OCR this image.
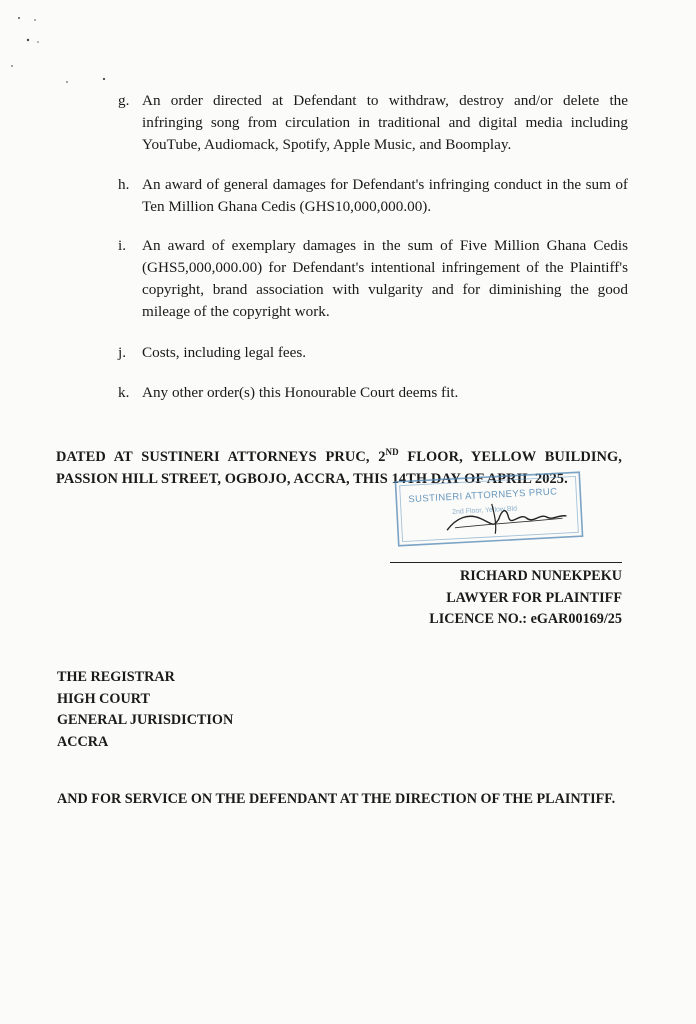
g. An order directed at Defendant to withdraw, destroy and/or delete the infringing song from circulation in traditional and digital media including YouTube, Audiomack, Spotify, Apple Music, and Boomplay.
h. An award of general damages for Defendant's infringing conduct in the sum of Ten Million Ghana Cedis (GHS10,000,000.00).
i.	An award of exemplary damages in the sum of Five Million Ghana Cedis (GHS5,000,000.00) for Defendant's intentional infringement of the Plaintiff's copyright, brand association with vulgarity and for diminishing the good mileage of the copyright work.
j.	Costs, including legal fees.
k. Any other order(s) this Honourable Court deems fit.
DATED AT SUSTINERI ATTORNEYS PRUC, 2ND FLOOR, YELLOW BUILDING, PASSION HILL STREET, OGBOJO, ACCRA, THIS 14TH DAY OF APRIL 2025.
SUSTINERI ATTORNEYS PRUC
2nd Floor, Yellow Bld
RICHARD NUNEKPEKU
LAWYER FOR PLAINTIFF
LICENCE NO.: eGAR00169/25
THE REGISTRAR
HIGH COURT
GENERAL JURISDICTION
ACCRA
AND FOR SERVICE ON THE DEFENDANT AT THE DIRECTION OF THE PLAINTIFF.
